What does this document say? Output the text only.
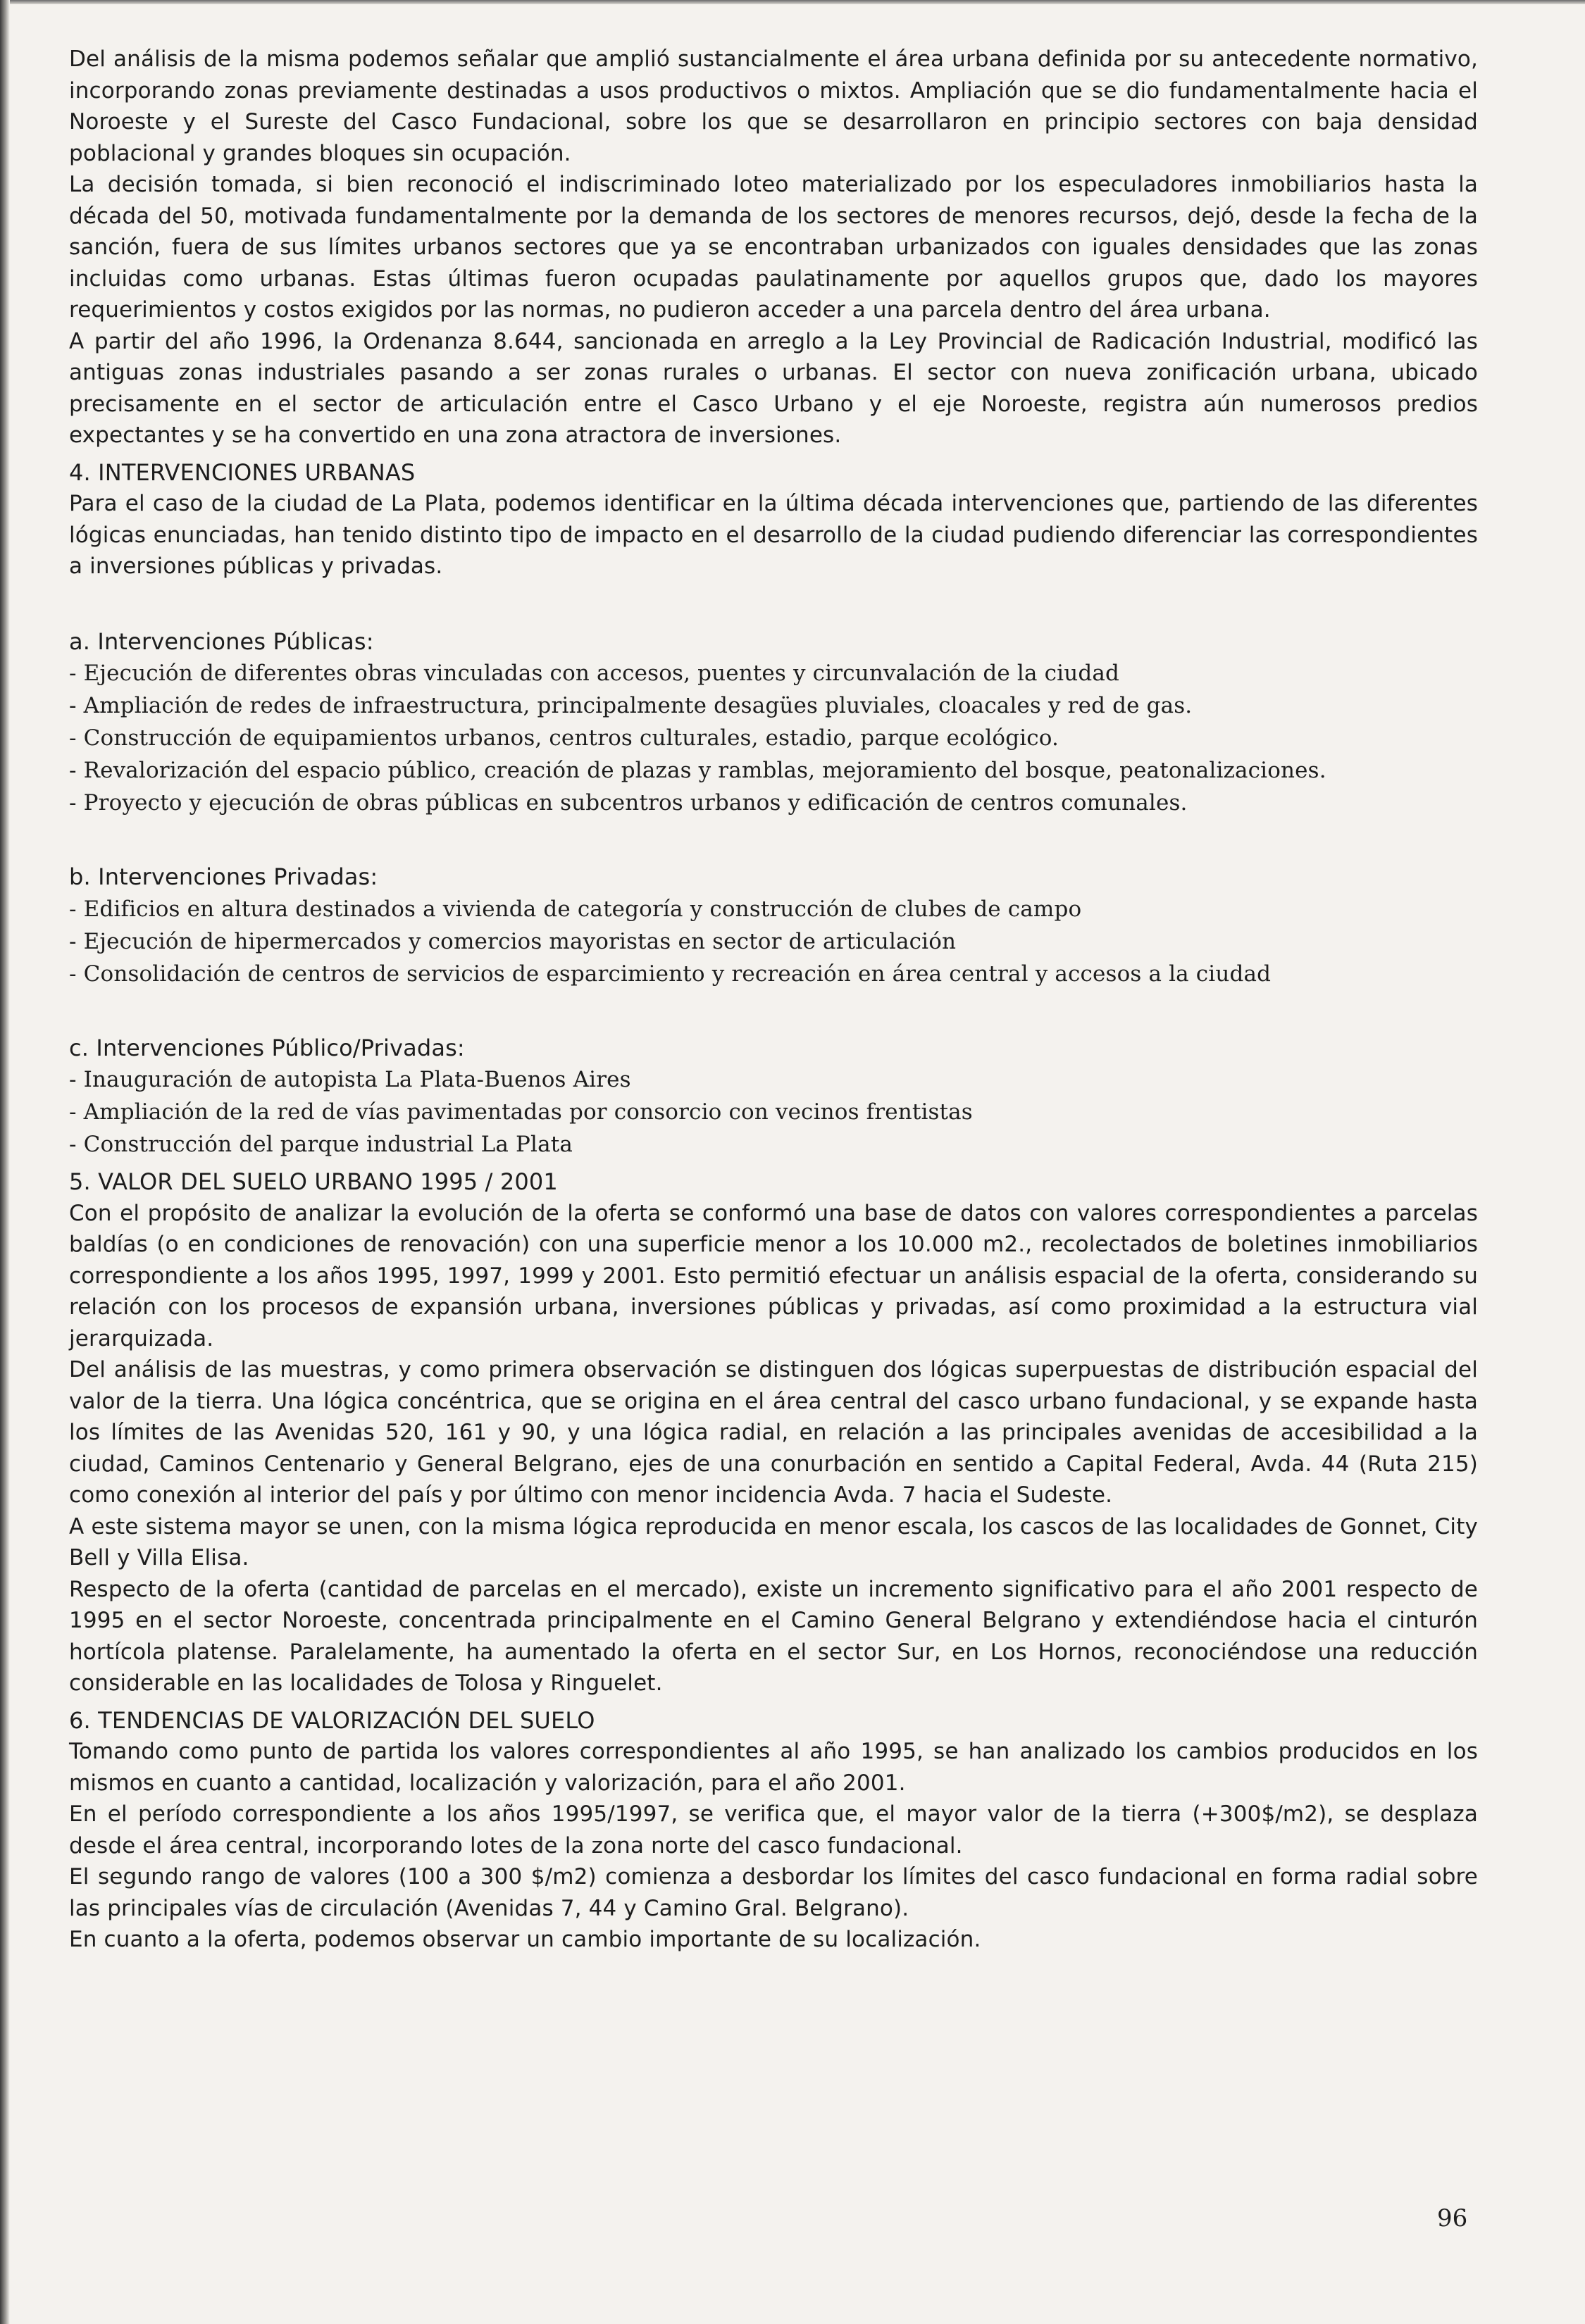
Del análisis de la misma podemos señalar que amplió sustancialmente el área urbana definida por su antecedente normativo, incorporando zonas previamente destinadas a usos productivos o mixtos. Ampliación que se dio fundamentalmente hacia el Noroeste y el Sureste del Casco Fundacional, sobre los que se desarrollaron en principio sectores con baja densidad poblacional y grandes bloques sin ocupación.

La decisión tomada, si bien reconoció el indiscriminado loteo materializado por los especuladores inmobiliarios hasta la década del 50, motivada fundamentalmente por la demanda de los sectores de menores recursos, dejó, desde la fecha de la sanción, fuera de sus límites urbanos sectores que ya se encontraban urbanizados con iguales densidades que las zonas incluidas como urbanas. Estas últimas fueron ocupadas paulatinamente por aquellos grupos que, dado los mayores requerimientos y costos exigidos por las normas, no pudieron acceder a una parcela dentro del área urbana.

A partir del año 1996, la Ordenanza 8.644, sancionada en arreglo a la Ley Provincial de Radicación Industrial, modificó las antiguas zonas industriales pasando a ser zonas rurales o urbanas. El sector con nueva zonificación urbana, ubicado precisamente en el sector de articulación entre el Casco Urbano y el eje Noroeste, registra aún numerosos predios expectantes y se ha convertido en una zona atractora de inversiones.

4. INTERVENCIONES URBANAS

Para el caso de la ciudad de La Plata, podemos identificar en la última década intervenciones que, partiendo de las diferentes lógicas enunciadas, han tenido distinto tipo de impacto en el desarrollo de la ciudad pudiendo diferenciar las correspondientes a inversiones públicas y privadas.

a. Intervenciones Públicas:

- Ejecución de diferentes obras vinculadas con accesos, puentes y circunvalación de la ciudad
- Ampliación de redes de infraestructura, principalmente desagües pluviales, cloacales y red de gas.
- Construcción de equipamientos urbanos, centros culturales, estadio, parque ecológico.
- Revalorización del espacio público, creación de plazas y ramblas, mejoramiento del bosque, peatonalizaciones.
- Proyecto y ejecución de obras públicas en subcentros urbanos y edificación de centros comunales.

b. Intervenciones Privadas:

- Edificios en altura destinados a vivienda de categoría y construcción de clubes de campo
- Ejecución de hipermercados y comercios mayoristas en sector de articulación
- Consolidación de centros de servicios de esparcimiento y recreación en área central y accesos a la ciudad

c. Intervenciones Público/Privadas:

- Inauguración de autopista La Plata-Buenos Aires
- Ampliación de la red de vías pavimentadas por consorcio con vecinos frentistas
- Construcción del parque industrial La Plata

5. VALOR DEL SUELO URBANO 1995 / 2001

Con el propósito de analizar la evolución de la oferta se conformó una base de datos con valores correspondientes a parcelas baldías (o en condiciones de renovación) con una superficie menor a los 10.000 m2., recolectados de boletines inmobiliarios correspondiente a los años 1995, 1997, 1999 y 2001. Esto permitió efectuar un análisis espacial de la oferta, considerando su relación con los procesos de expansión urbana, inversiones públicas y privadas, así como proximidad a la estructura vial jerarquizada.

Del análisis de las muestras, y como primera observación se distinguen dos lógicas superpuestas de distribución espacial del valor de la tierra. Una lógica concéntrica, que se origina en el área central del casco urbano fundacional, y se expande hasta los límites de las Avenidas 520, 161 y 90, y una lógica radial, en relación a las principales avenidas de accesibilidad a la ciudad, Caminos Centenario y General Belgrano, ejes de una conurbación en sentido a Capital Federal, Avda. 44 (Ruta 215) como conexión al interior del país y por último con menor incidencia Avda. 7 hacia el Sudeste.

A este sistema mayor se unen, con la misma lógica reproducida en menor escala, los cascos de las localidades de Gonnet, City Bell y Villa Elisa.

Respecto de la oferta (cantidad de parcelas en el mercado), existe un incremento significativo para el año 2001 respecto de 1995 en el sector Noroeste, concentrada principalmente en el Camino General Belgrano y extendiéndose hacia el cinturón hortícola platense. Paralelamente, ha aumentado la oferta en el sector Sur, en Los Hornos, reconociéndose una reducción considerable en las localidades de Tolosa y Ringuelet.

6. TENDENCIAS DE VALORIZACIÓN DEL SUELO

Tomando como punto de partida los valores correspondientes al año 1995, se han analizado los cambios producidos en los mismos en cuanto a cantidad, localización y valorización, para el año 2001.

En el período correspondiente a los años 1995/1997, se verifica que, el mayor valor de la tierra (+300$/m2), se desplaza desde el área central, incorporando lotes de la zona norte del casco fundacional.

El segundo rango de valores (100 a 300 $/m2) comienza a desbordar los límites del casco fundacional en forma radial sobre las principales vías de circulación (Avenidas 7, 44 y Camino Gral. Belgrano).

En cuanto a la oferta, podemos observar un cambio importante de su localización.

96
